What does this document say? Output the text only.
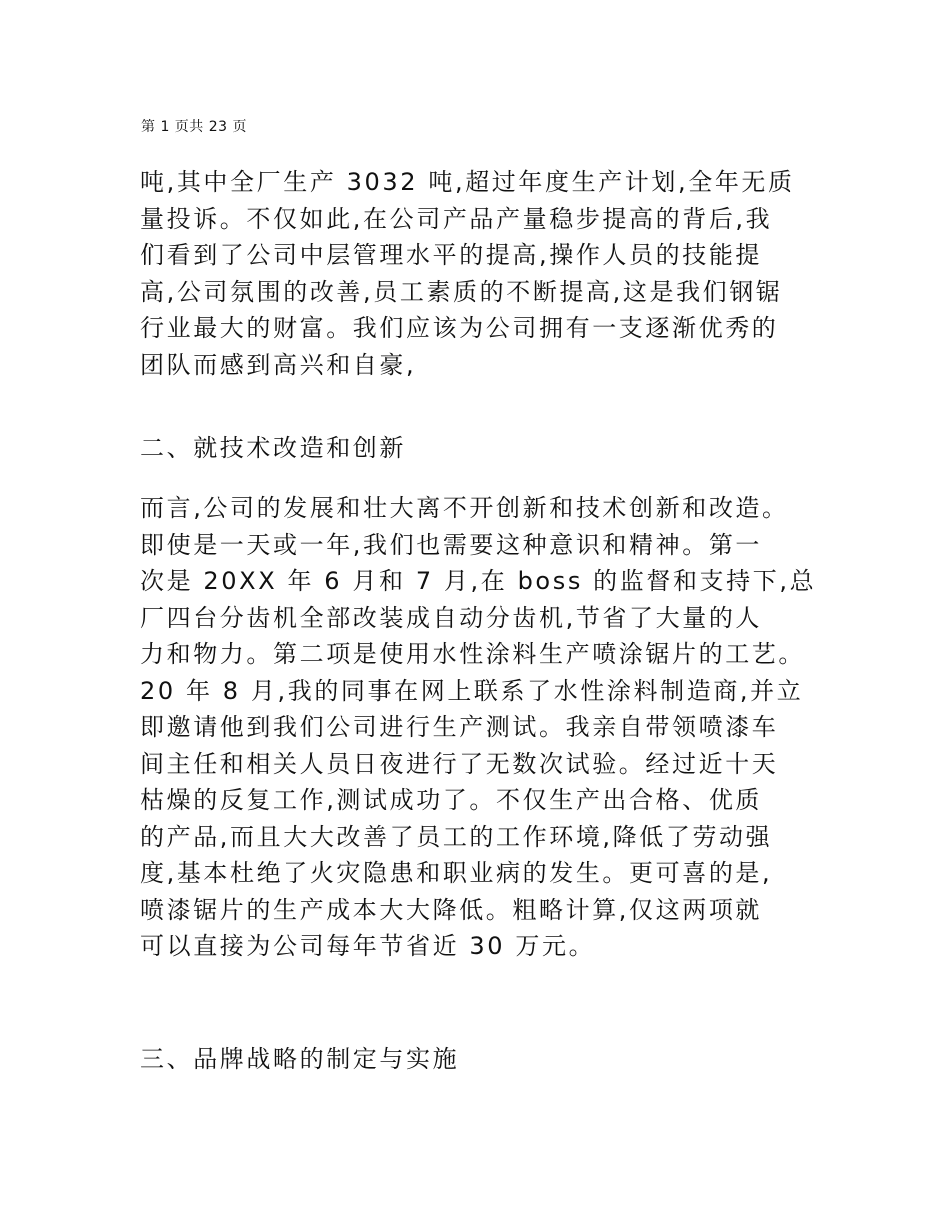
第 1 页共 23 页
吨,其中全厂生产 3032 吨,超过年度生产计划,全年无质
量投诉。不仅如此,在公司产品产量稳步提高的背后,我
们看到了公司中层管理水平的提高,操作人员的技能提
高,公司氛围的改善,员工素质的不断提高,这是我们钢锯
行业最大的财富。我们应该为公司拥有一支逐渐优秀的
团队而感到高兴和自豪,
二、就技术改造和创新
而言,公司的发展和壮大离不开创新和技术创新和改造。
即使是一天或一年,我们也需要这种意识和精神。第一
次是 20XX 年 6 月和 7 月,在 boss 的监督和支持下,总
厂四台分齿机全部改装成自动分齿机,节省了大量的人
力和物力。第二项是使用水性涂料生产喷涂锯片的工艺。
20 年 8 月,我的同事在网上联系了水性涂料制造商,并立
即邀请他到我们公司进行生产测试。我亲自带领喷漆车
间主任和相关人员日夜进行了无数次试验。经过近十天
枯燥的反复工作,测试成功了。不仅生产出合格、优质
的产品,而且大大改善了员工的工作环境,降低了劳动强
度,基本杜绝了火灾隐患和职业病的发生。更可喜的是,
喷漆锯片的生产成本大大降低。粗略计算,仅这两项就
可以直接为公司每年节省近 30 万元。
三、品牌战略的制定与实施
